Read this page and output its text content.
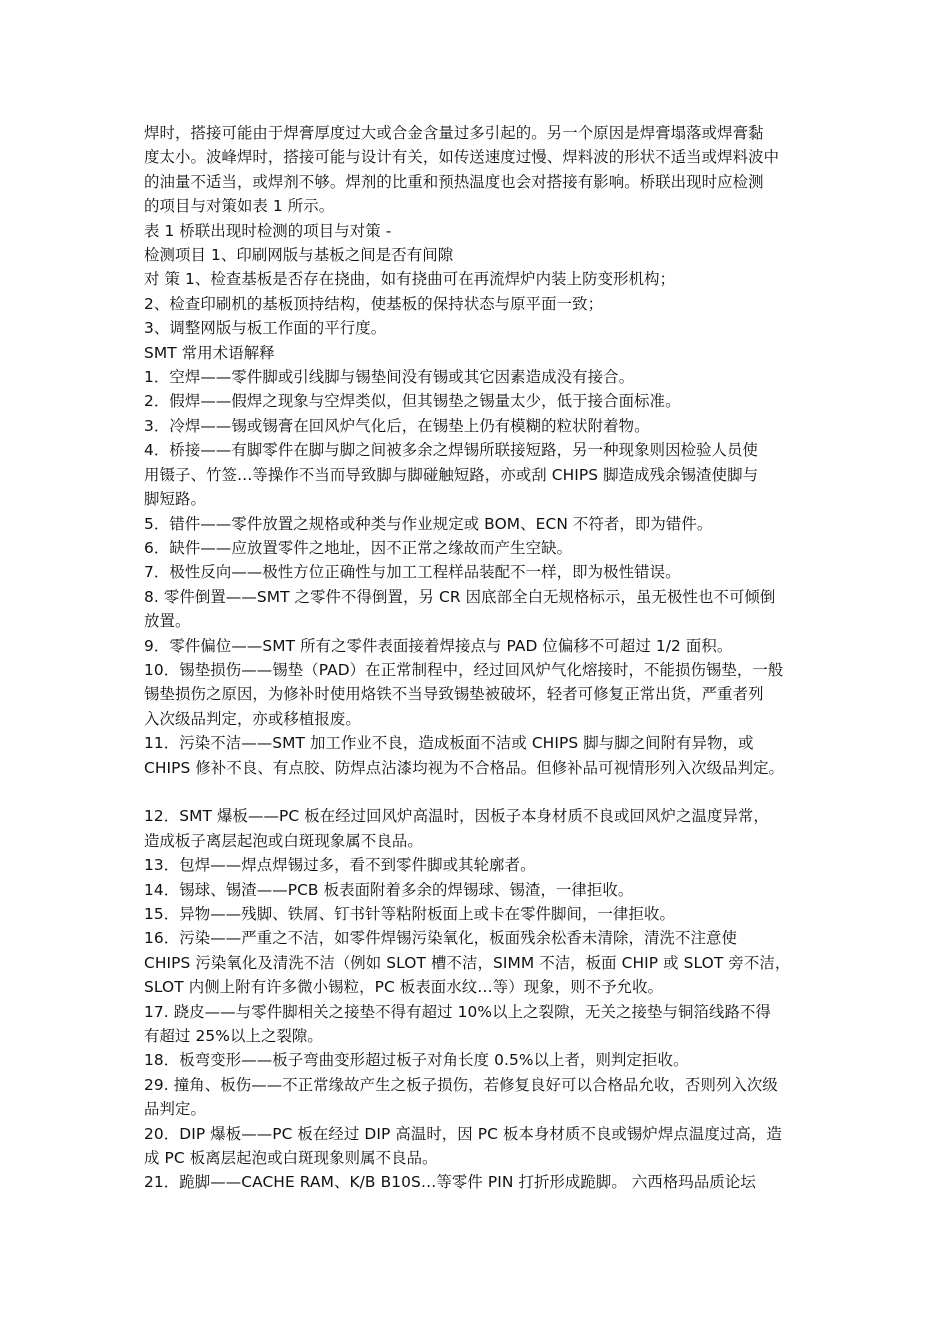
焊时，搭接可能由于焊膏厚度过大或合金含量过多引起的。另一个原因是焊膏塌落或焊膏黏
度太小。波峰焊时，搭接可能与设计有关，如传送速度过慢、焊料波的形状不适当或焊料波中
的油量不适当，或焊剂不够。焊剂的比重和预热温度也会对搭接有影响。桥联出现时应检测
的项目与对策如表 1 所示。
表 1 桥联出现时检测的项目与对策 -
检测项目 1、印刷网版与基板之间是否有间隙
对 策 1、检查基板是否存在挠曲，如有挠曲可在再流焊炉内装上防变形机构；
2、检查印刷机的基板顶持结构，使基板的保持状态与原平面一致；
3、调整网版与板工作面的平行度。
SMT 常用术语解释
1．空焊——零件脚或引线脚与锡垫间没有锡或其它因素造成没有接合。
2．假焊——假焊之现象与空焊类似，但其锡垫之锡量太少，低于接合面标准。
3．冷焊——锡或锡膏在回风炉气化后，在锡垫上仍有模糊的粒状附着物。
4．桥接——有脚零件在脚与脚之间被多余之焊锡所联接短路，另一种现象则因检验人员使
用镊子、竹签…等操作不当而导致脚与脚碰触短路，亦或刮 CHIPS 脚造成残余锡渣使脚与
脚短路。
5．错件——零件放置之规格或种类与作业规定或 BOM、ECN 不符者，即为错件。
6．缺件——应放置零件之地址，因不正常之缘故而产生空缺。
7．极性反向——极性方位正确性与加工工程样品装配不一样，即为极性错误。
8. 零件倒置——SMT 之零件不得倒置，另 CR 因底部全白无规格标示，虽无极性也不可倾倒
放置。
9．零件偏位——SMT 所有之零件表面接着焊接点与 PAD 位偏移不可超过 1/2 面积。
10．锡垫损伤——锡垫（PAD）在正常制程中，经过回风炉气化熔接时，不能损伤锡垫，一般
锡垫损伤之原因，为修补时使用烙铁不当导致锡垫被破坏，轻者可修复正常出货，严重者列
入次级品判定，亦或移植报废。
11．污染不洁——SMT 加工作业不良，造成板面不洁或 CHIPS 脚与脚之间附有异物，或
CHIPS 修补不良、有点胶、防焊点沾漆均视为不合格品。但修补品可视情形列入次级品判定。
12．SMT 爆板——PC 板在经过回风炉高温时，因板子本身材质不良或回风炉之温度异常，
造成板子离层起泡或白斑现象属不良品。
13．包焊——焊点焊锡过多，看不到零件脚或其轮廓者。
14．锡球、锡渣——PCB 板表面附着多余的焊锡球、锡渣，一律拒收。
15．异物——残脚、铁屑、钉书针等粘附板面上或卡在零件脚间，一律拒收。
16．污染——严重之不洁，如零件焊锡污染氧化，板面残余松香未清除，清洗不注意使
CHIPS 污染氧化及清洗不洁（例如 SLOT 槽不洁，SIMM 不洁，板面 CHIP 或 SLOT 旁不洁，
SLOT 内侧上附有许多微小锡粒，PC 板表面水纹…等）现象，则不予允收。
17. 跷皮——与零件脚相关之接垫不得有超过 10%以上之裂隙，无关之接垫与铜箔线路不得
有超过 25%以上之裂隙。
18．板弯变形——板子弯曲变形超过板子对角长度 0.5%以上者，则判定拒收。
29. 撞角、板伤——不正常缘故产生之板子损伤，若修复良好可以合格品允收，否则列入次级
品判定。
20．DIP 爆板——PC 板在经过 DIP 高温时，因 PC 板本身材质不良或锡炉焊点温度过高，造
成 PC 板离层起泡或白斑现象则属不良品。
21．跪脚——CACHE RAM、K/B B10S…等零件 PIN 打折形成跪脚。 六西格玛品质论坛
